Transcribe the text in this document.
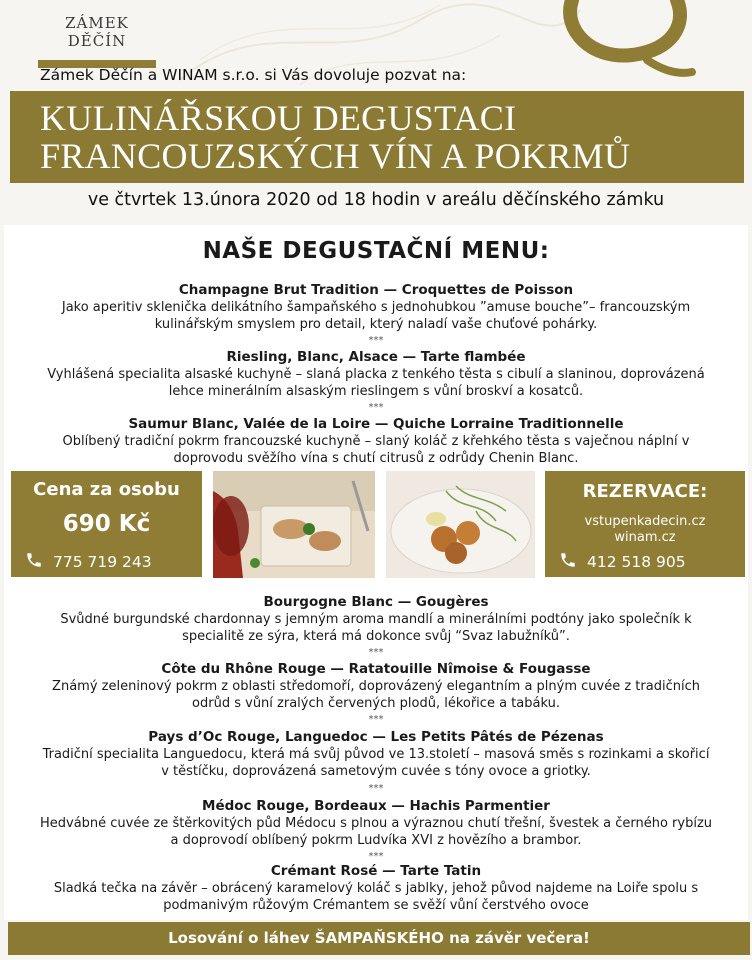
ZÁMEK DĚČÍN
Zámek Děčín a WINAM s.r.o. si Vás dovoluje pozvat na:
KULINÁŘSKOU DEGUSTACI
FRANCOUZSKÝCH VÍN A POKRMŮ
ve čtvrtek 13.února 2020 od 18 hodin v areálu děčínského zámku
NAŠE DEGUSTAČNÍ MENU:
Champagne Brut Tradition — Croquettes de Poisson
Jako aperitiv sklenička delikátního šampaňského s jednohubkou ”amuse bouche”– francouzským
kulinářským smyslem pro detail, který naladí vaše chuťové pohárky.
***
Riesling, Blanc, Alsace — Tarte flambée
Vyhlášená specialita alsaské kuchyně – slaná placka z tenkého těsta s cibulí a slaninou, doprovázená
lehce minerálním alsaským rieslingem s vůní broskví a kosatců.
***
Saumur Blanc, Valée de la Loire — Quiche Lorraine Traditionnelle
Oblíbený tradiční pokrm francouzské kuchyně – slaný koláč z křehkého těsta s vaječnou náplní v
doprovodu svěžího vína s chutí citrusů z odrůdy Chenin Blanc.
Cena za osobu
690 Kč
775 719 243
REZERVACE:
vstupenkadecin.cz
winam.cz
412 518 905
Bourgogne Blanc — Gougères
Svůdné burgundské chardonnay s jemným aroma mandlí a minerálními podtóny jako společník k
specialitě ze sýra, která má dokonce svůj “Svaz labužníků”.
***
Côte du Rhône Rouge — Ratatouille Nîmoise & Fougasse
Známý zeleninový pokrm z oblasti středomoří, doprovázený elegantním a plným cuvée z tradičních
odrůd s vůní zralých červených plodů, lékořice a tabáku.
***
Pays d’Oc Rouge, Languedoc — Les Petits Pâtés de Pézenas
Tradiční specialita Languedocu, která má svůj původ ve 13.století – masová směs s rozinkami a skořicí
v těstíčku, doprovázená sametovým cuvée s tóny ovoce a griotky.
***
Médoc Rouge, Bordeaux — Hachis Parmentier
Hedvábné cuvée ze štěrkovitých půd Médocu s plnou a výraznou chutí třešní, švestek a černého rybízu
a doprovodí oblíbený pokrm Ludvíka XVI z hovězího a brambor.
***
Crémant Rosé — Tarte Tatin
Sladká tečka na závěr – obrácený karamelový koláč s jablky, jehož původ najdeme na Loiře spolu s
podmanivým růžovým Crémantem se svěží vůní čerstvého ovoce
Losování o láhev ŠAMPAŇSKÉHO na závěr večera!
